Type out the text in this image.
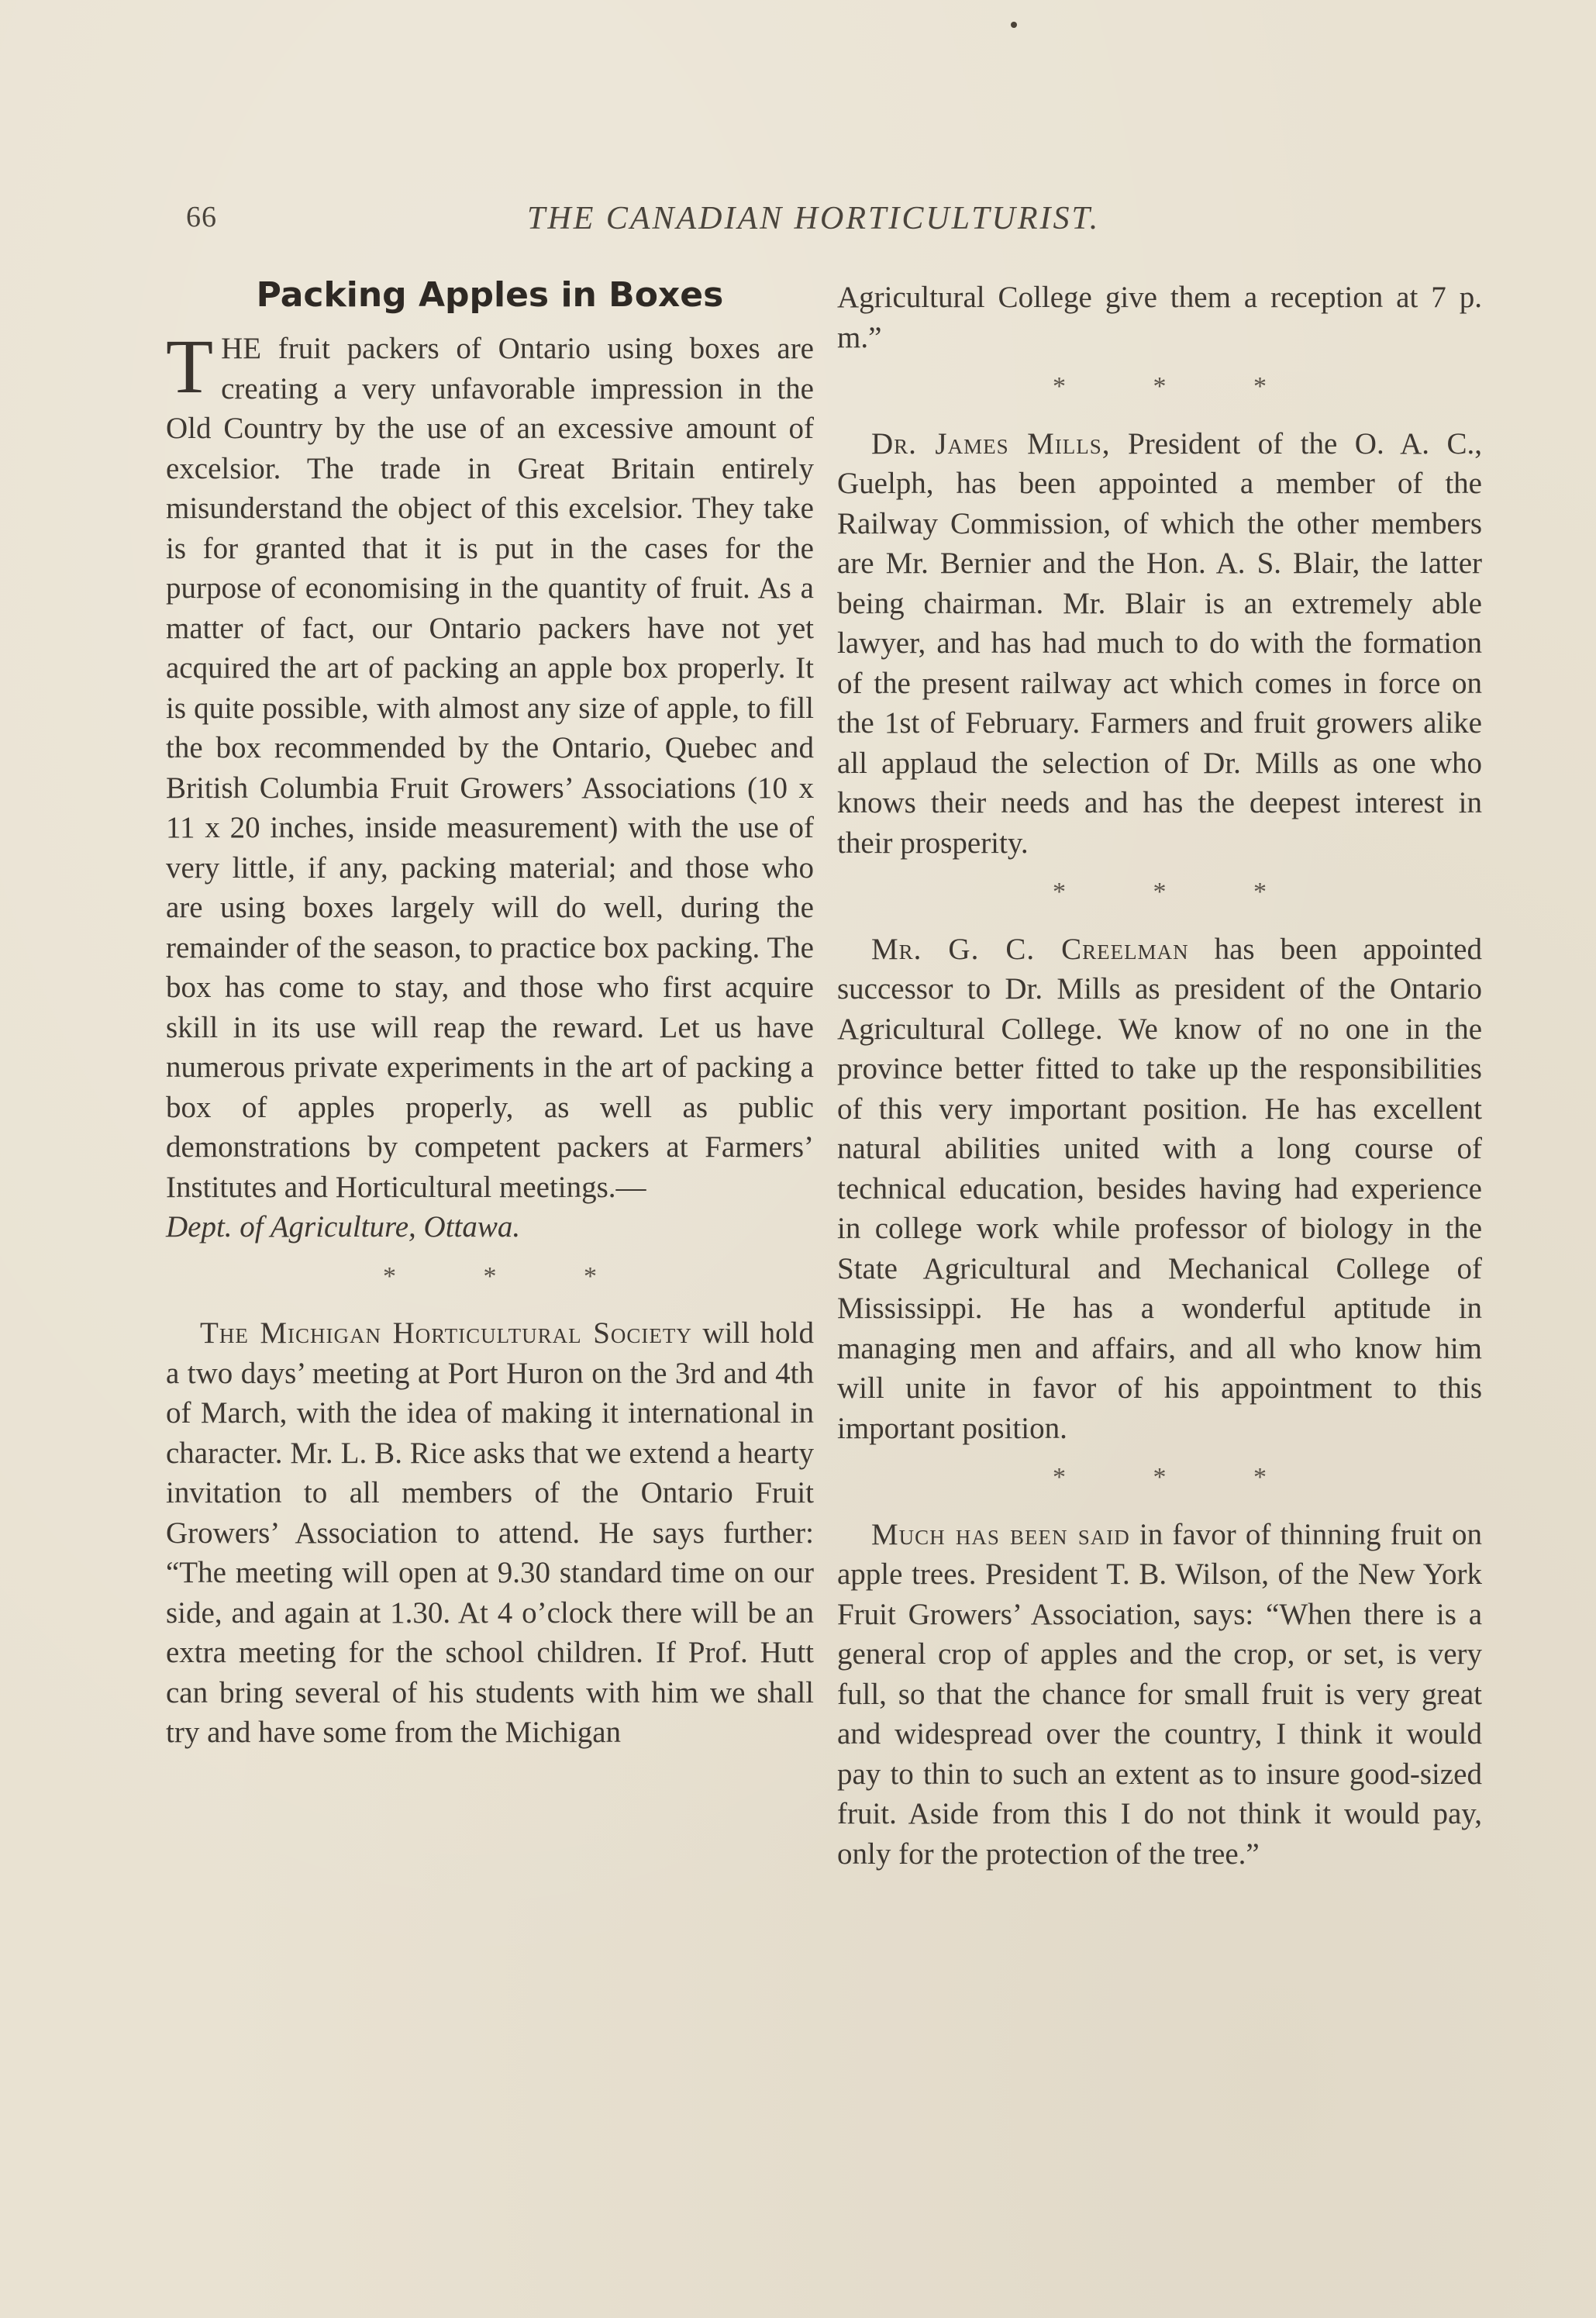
66	THE CANADIAN HORTICULTURIST.
Packing Apples in Boxes

THE fruit packers of Ontario using boxes are creating a very unfavorable impression in the Old Country by the use of an excessive amount of excelsior. The trade in Great Britain entirely misunderstand the object of this excelsior. They take is for granted that it is put in the cases for the purpose of economising in the quantity of fruit. As a matter of fact, our Ontario packers have not yet acquired the art of packing an apple box properly. It is quite possible, with almost any size of apple, to fill the box recommended by the Ontario, Quebec and British Columbia Fruit Growers’ Associations (10 x 11 x 20 inches, inside measurement) with the use of very little, if any, packing material; and those who are using boxes largely will do well, during the remainder of the season, to practice box packing. The box has come to stay, and those who first acquire skill in its use will reap the reward. Let us have numerous private experiments in the art of packing a box of apples properly, as well as public demonstrations by competent packers at Farmers’ Institutes and Horticultural meetings.—

Dept. of Agriculture, Ottawa.

* * *

The Michigan Horticultural Society will hold a two days’ meeting at Port Huron on the 3rd and 4th of March, with the idea of making it international in character. Mr. L. B. Rice asks that we extend a hearty invitation to all members of the Ontario Fruit Growers’ Association to attend. He says further: “The meeting will open at 9.30 standard time on our side, and again at 1.30. At 4 o’clock there will be an extra meeting for the school children. If Prof. Hutt can bring several of his students with him we shall try and have some from the Michigan

Agricultural College give them a reception at 7 p. m.”

* * *

Dr. James Mills, President of the O. A. C., Guelph, has been appointed a member of the Railway Commission, of which the other members are Mr. Bernier and the Hon. A. S. Blair, the latter being chairman. Mr. Blair is an extremely able lawyer, and has had much to do with the formation of the present railway act which comes in force on the 1st of February. Farmers and fruit growers alike all applaud the selection of Dr. Mills as one who knows their needs and has the deepest interest in their prosperity.

* * *

Mr. G. C. Creelman has been appointed successor to Dr. Mills as president of the Ontario Agricultural College. We know of no one in the province better fitted to take up the responsibilities of this very important position. He has excellent natural abilities united with a long course of technical education, besides having had experience in college work while professor of biology in the State Agricultural and Mechanical College of Mississippi. He has a wonderful aptitude in managing men and affairs, and all who know him will unite in favor of his appointment to this important position.

* * *

Much has been said in favor of thinning fruit on apple trees. President T. B. Wilson, of the New York Fruit Growers’ Association, says: “When there is a general crop of apples and the crop, or set, is very full, so that the chance for small fruit is very great and widespread over the country, I think it would pay to thin to such an extent as to insure good-sized fruit. Aside from this I do not think it would pay, only for the protection of the tree.”
